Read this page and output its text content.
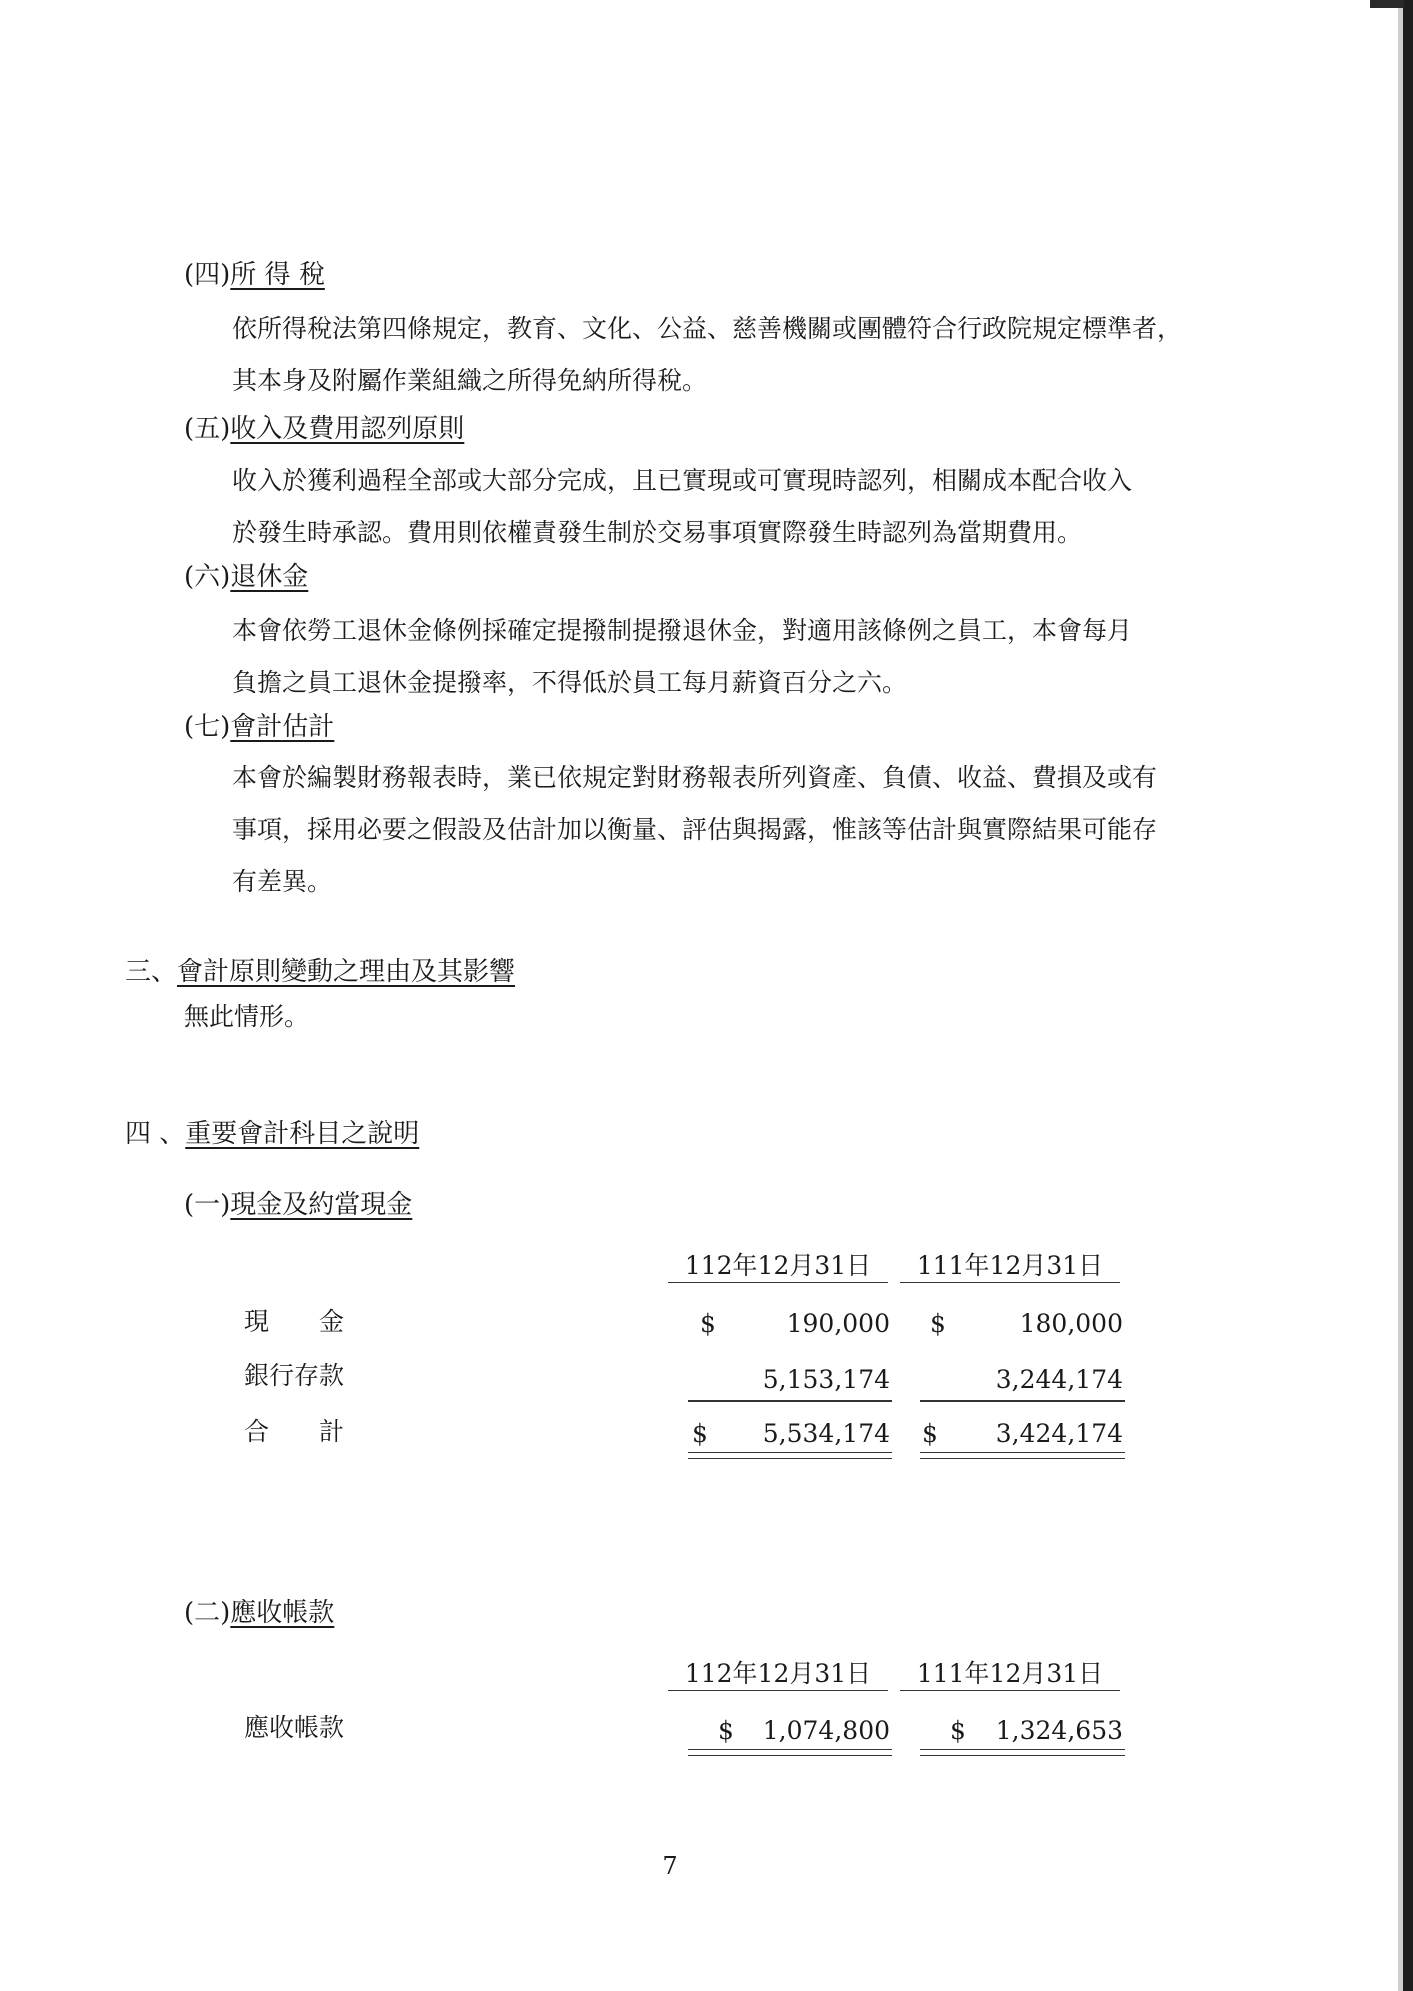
(四)所 得 稅
依所得稅法第四條規定，教育、文化、公益、慈善機關或團體符合行政院規定標準者，
其本身及附屬作業組織之所得免納所得稅。
(五)收入及費用認列原則
收入於獲利過程全部或大部分完成，且已實現或可實現時認列，相關成本配合收入
於發生時承認。費用則依權責發生制於交易事項實際發生時認列為當期費用。
(六)退休金
本會依勞工退休金條例採確定提撥制提撥退休金，對適用該條例之員工，本會每月
負擔之員工退休金提撥率，不得低於員工每月薪資百分之六。
(七)會計估計
本會於編製財務報表時，業已依規定對財務報表所列資產、負債、收益、費損及或有
事項，採用必要之假設及估計加以衡量、評估與揭露，惟該等估計與實際結果可能存
有差異。
三、會計原則變動之理由及其影響
無此情形。
四 、重要會計科目之說明
(一)現金及約當現金
112年12月31日	111年12月31日
現　　金	$	190,000 $	180,000
銀行存款	5,153,174	3,244,174
合　　計	$	5,534,174 $	3,424,174
(二)應收帳款
112年12月31日	111年12月31日
應收帳款	$	1,074,800 $	1,324,653
7
